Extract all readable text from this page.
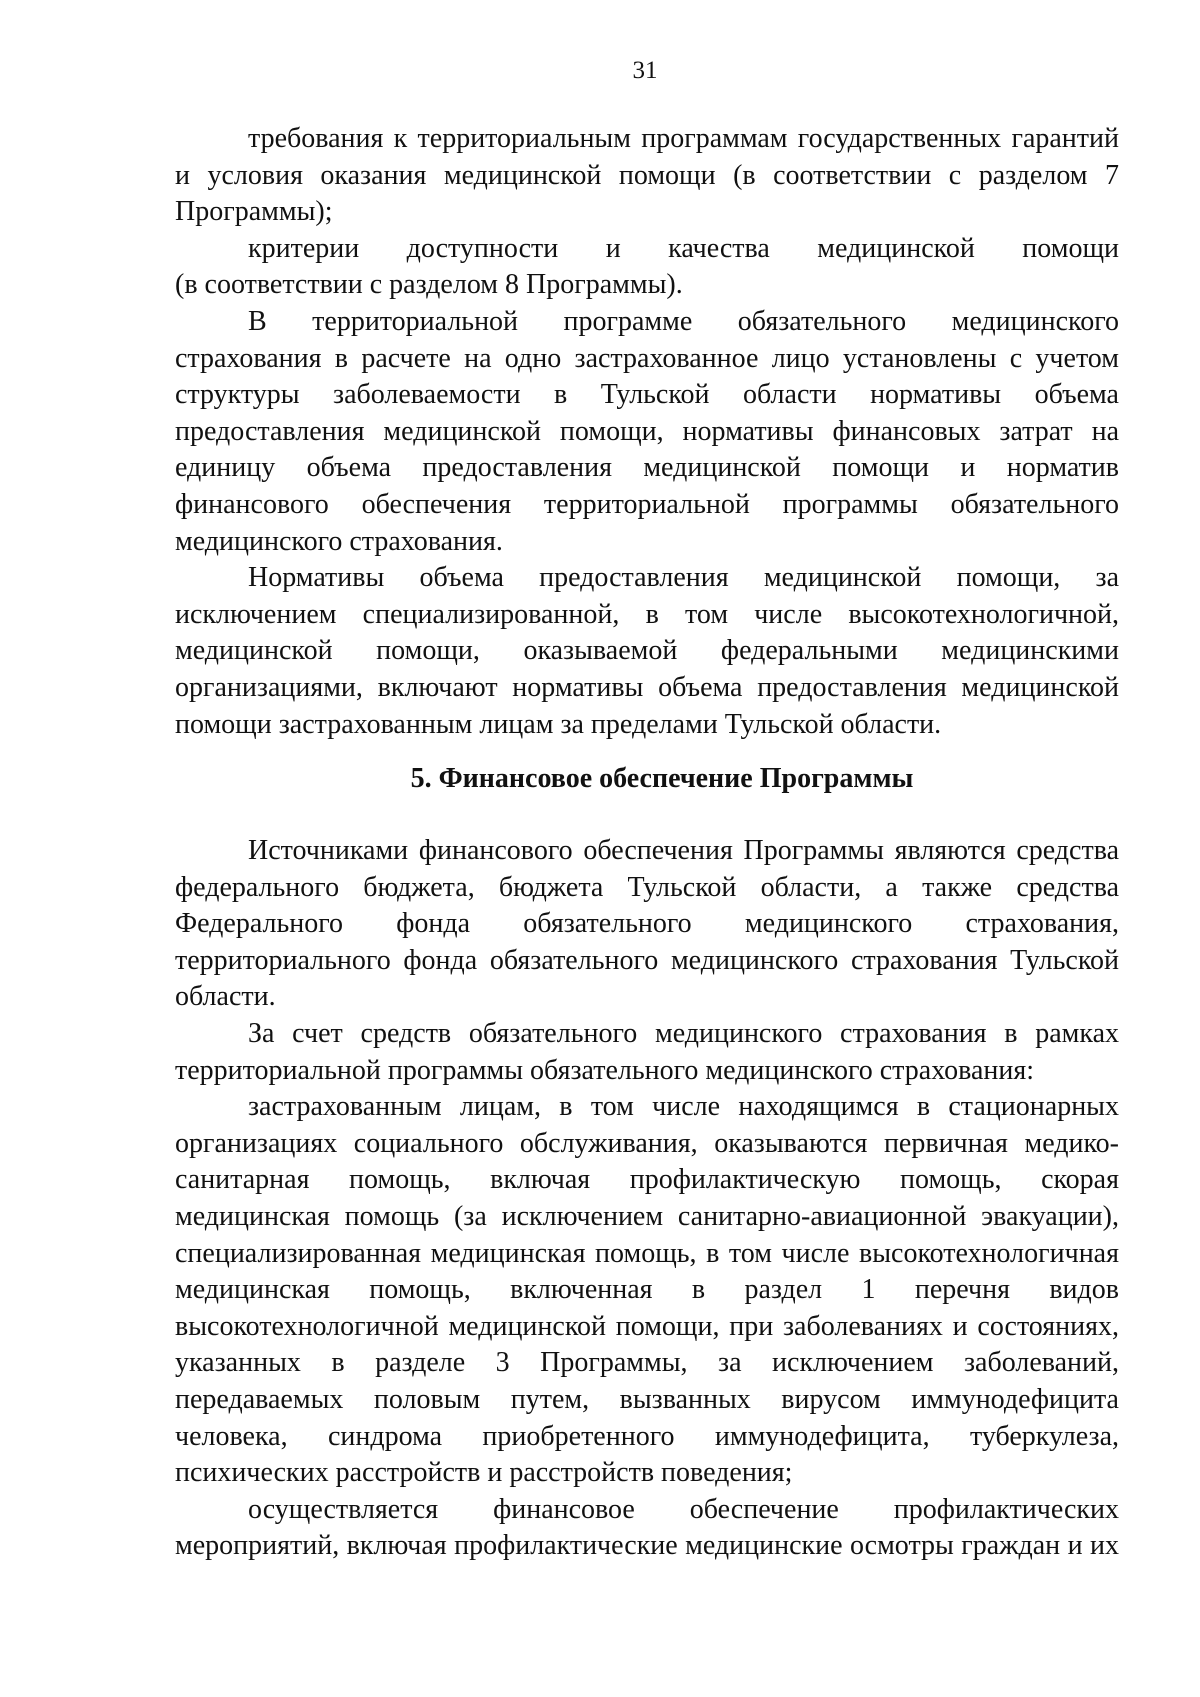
31
требования к территориальным программам государственных гарантий
и условия оказания медицинской помощи (в соответствии с разделом 7
Программы);
критерии доступности и качества медицинской помощи
(в соответствии с разделом 8 Программы).
В территориальной программе обязательного медицинского
страхования в расчете на одно застрахованное лицо установлены с учетом
структуры заболеваемости в Тульской области нормативы объема
предоставления медицинской помощи, нормативы финансовых затрат на
единицу объема предоставления медицинской помощи и норматив
финансового обеспечения территориальной программы обязательного
медицинского страхования.
Нормативы объема предоставления медицинской помощи, за
исключением специализированной, в том числе высокотехнологичной,
медицинской помощи, оказываемой федеральными медицинскими
организациями, включают нормативы объема предоставления медицинской
помощи застрахованным лицам за пределами Тульской области.
5. Финансовое обеспечение Программы
Источниками финансового обеспечения Программы являются средства
федерального бюджета, бюджета Тульской области, а также средства
Федерального фонда обязательного медицинского страхования,
территориального фонда обязательного медицинского страхования Тульской
области.
За счет средств обязательного медицинского страхования в рамках
территориальной программы обязательного медицинского страхования:
застрахованным лицам, в том числе находящимся в стационарных
организациях социального обслуживания, оказываются первичная медико-
санитарная помощь, включая профилактическую помощь, скорая
медицинская помощь (за исключением санитарно-авиационной эвакуации),
специализированная медицинская помощь, в том числе высокотехнологичная
медицинская помощь, включенная в раздел 1 перечня видов
высокотехнологичной медицинской помощи, при заболеваниях и состояниях,
указанных в разделе 3 Программы, за исключением заболеваний,
передаваемых половым путем, вызванных вирусом иммунодефицита
человека, синдрома приобретенного иммунодефицита, туберкулеза,
психических расстройств и расстройств поведения;
осуществляется финансовое обеспечение профилактических
мероприятий, включая профилактические медицинские осмотры граждан и их
